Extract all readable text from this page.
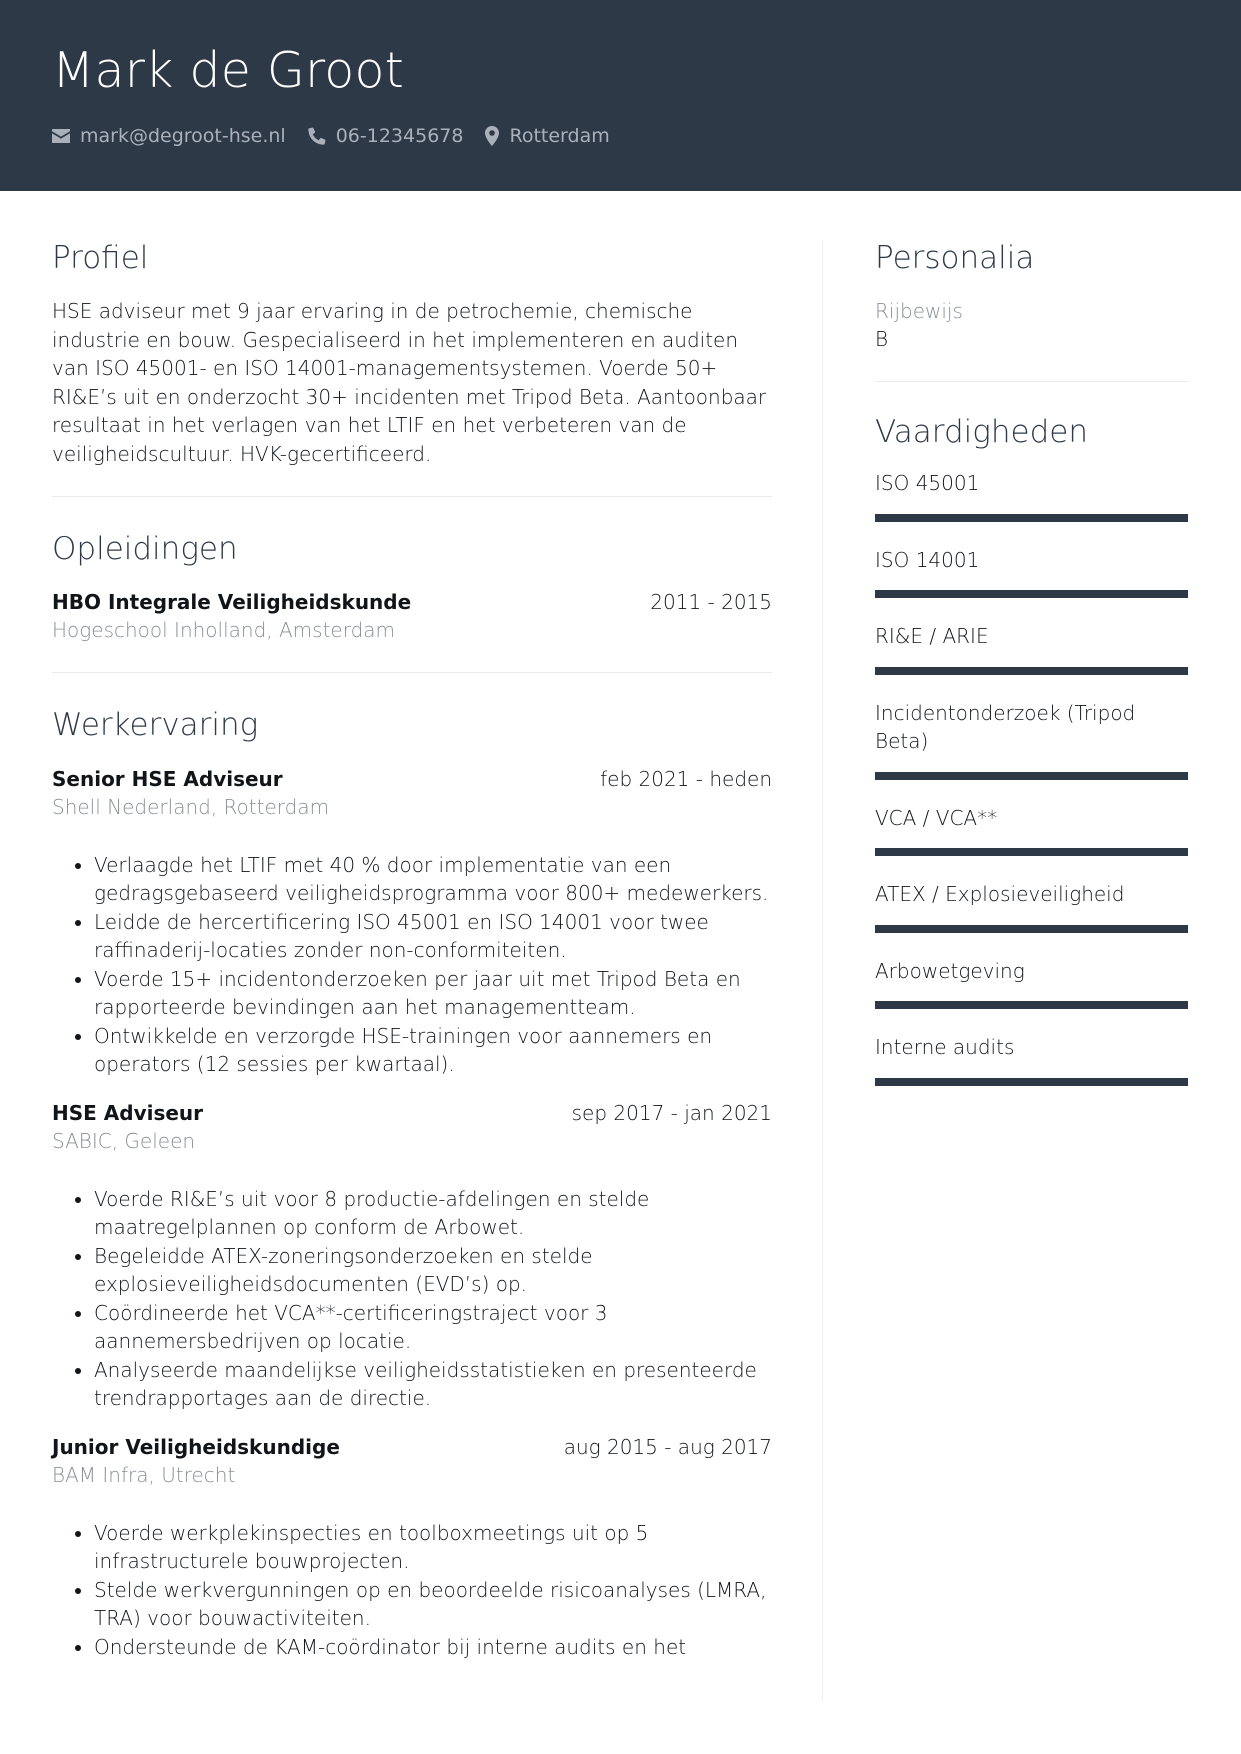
Mark de Groot
mark@degroot-hse.nl	06-12345678 Rotterdam
Profiel

HSE adviseur met 9 jaar ervaring in de petrochemie, chemische industrie en bouw. Gespecialiseerd in het implementeren en auditen van ISO 45001- en ISO 14001-managementsystemen. Voerde 50+ RI&E’s uit en onderzocht 30+ incidenten met Tripod Beta. Aantoonbaar resultaat in het verlagen van het LTIF en het verbeteren van de veiligheidscultuur. HVK-gecertificeerd.

Opleidingen
HBO Integrale Veiligheidskunde	2011 - 2015
Hogeschool Inholland, Amsterdam
Werkervaring
Senior HSE Adviseur	feb 2021 - heden
Shell Nederland, Rotterdam
• Verlaagde het LTIF met 40 % door implementatie van een gedragsgebaseerd veiligheidsprogramma voor 800+ medewerkers.
• Leidde de hercertificering ISO 45001 en ISO 14001 voor twee raffinaderij-locaties zonder non-conformiteiten.
• Voerde 15+ incidentonderzoeken per jaar uit met Tripod Beta en rapporteerde bevindingen aan het managementteam.
• Ontwikkelde en verzorgde HSE-trainingen voor aannemers en operators (12 sessies per kwartaal).
HSE Adviseur	sep 2017 - jan 2021
SABIC, Geleen
• Voerde RI&E’s uit voor 8 productie-afdelingen en stelde maatregelplannen op conform de Arbowet.
• Begeleidde ATEX-zoneringsonderzoeken en stelde explosieveiligheidsdocumenten (EVD’s) op.
• Coördineerde het VCA**-certificeringstraject voor 3 aannemersbedrijven op locatie.
• Analyseerde maandelijkse veiligheidsstatistieken en presenteerde trendrapportages aan de directie.
Junior Veiligheidskundige	aug 2015 - aug 2017
BAM Infra, Utrecht
• Voerde werkplekinspecties en toolboxmeetings uit op 5 infrastructurele bouwprojecten.
• Stelde werkvergunningen op en beoordeelde risicoanalyses (LMRA, TRA) voor bouwactiviteiten.
• Ondersteunde de KAM-coördinator bij interne audits en het
Personalia
Rijbewijs
B
Vaardigheden
ISO 45001
ISO 14001
RI&E / ARIE
Incidentonderzoek (Tripod Beta)
VCA / VCA**
ATEX / Explosieveiligheid
Arbowetgeving
Interne audits
